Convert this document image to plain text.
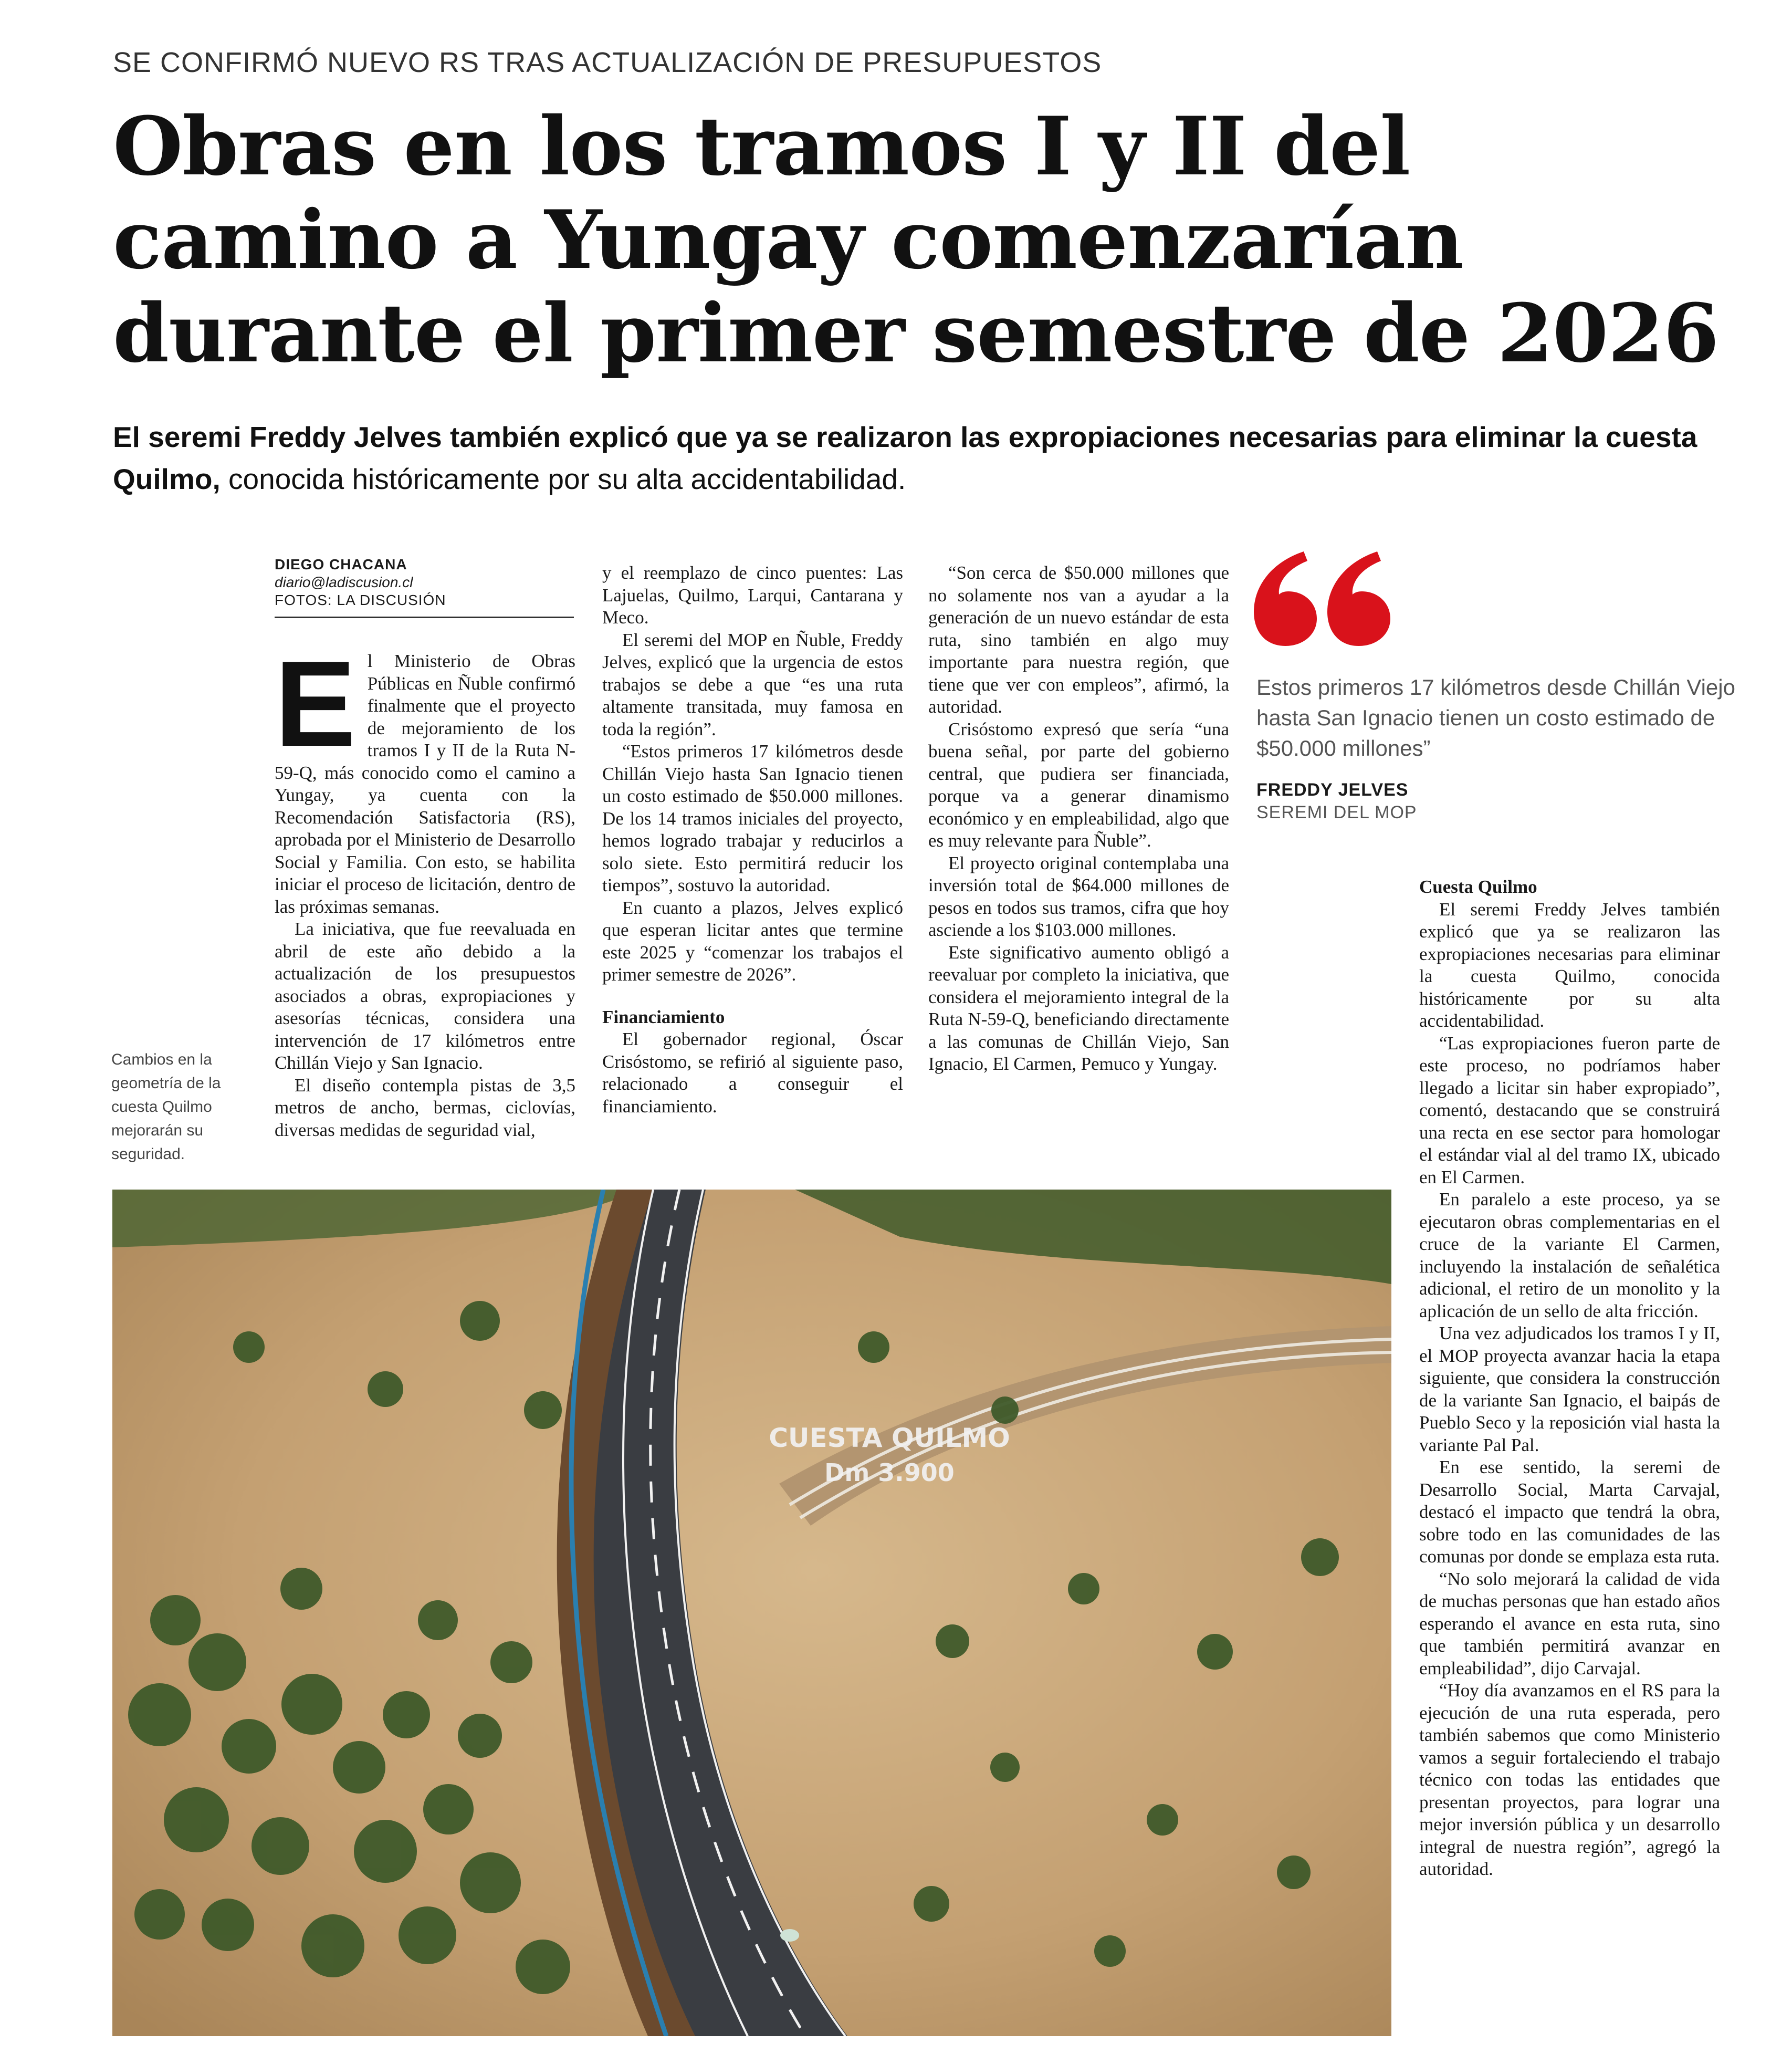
SE CONFIRMÓ NUEVO RS TRAS ACTUALIZACIÓN DE PRESUPUESTOS
Obras en los tramos I y II del
camino a Yungay comenzarían
durante el primer semestre de 2026

El seremi Freddy Jelves también explicó que ya se realizaron las expropiaciones necesarias para eliminar la cuesta Quilmo, conocida históricamente por su alta accidentabilidad.

DIEGO CHACANA
diario@ladiscusion.cl
FOTOS: LA DISCUSIÓN
E l Ministerio de Obras Públicas en Ñuble confirmó finalmente que el proyecto de mejoramiento de los tramos I y II de la Ruta N-59-Q, más conocido como el camino a Yungay, ya cuenta con la Recomendación Satisfactoria (RS), aprobada por el Ministerio de Desarrollo Social y Familia. Con esto, se habilita iniciar el proceso de licitación, dentro de las próximas semanas.

La iniciativa, que fue reevaluada en abril de este año debido a la actualización de los presupuestos asociados a obras, expropiaciones y asesorías técnicas, considera una intervención de 17 kilómetros entre Chillán Viejo y San Ignacio.

El diseño contempla pistas de 3,5 metros de ancho, bermas, ciclovías, diversas medidas de seguridad vial,

y el reemplazo de cinco puentes: Las Lajuelas, Quilmo, Larqui, Cantarana y Meco.

El seremi del MOP en Ñuble, Freddy Jelves, explicó que la urgencia de estos trabajos se debe a que “es una ruta altamente transitada, muy famosa en toda la región”.

“Estos primeros 17 kilómetros desde Chillán Viejo hasta San Ignacio tienen un costo estimado de $50.000 millones. De los 14 tramos iniciales del proyecto, hemos logrado trabajar y reducirlos a solo siete. Esto permitirá reducir los tiempos”, sostuvo la autoridad.

En cuanto a plazos, Jelves explicó que esperan licitar antes que termine este 2025 y “comenzar los trabajos el primer semestre de 2026”.

Financiamiento

El gobernador regional, Óscar Crisóstomo, se refirió al siguiente paso, relacionado a conseguir el financiamiento.

“Son cerca de $50.000 millones que no solamente nos van a ayudar a la generación de un nuevo estándar de esta ruta, sino también en algo muy importante para nuestra región, que tiene que ver con empleos”, afirmó, la autoridad.

Crisóstomo expresó que sería “una buena señal, por parte del gobierno central, que pudiera ser financiada, porque va a generar dinamismo económico y en empleabilidad, algo que es muy relevante para Ñuble”.

El proyecto original contemplaba una inversión total de $64.000 millones de pesos en todos sus tramos, cifra que hoy asciende a los $103.000 millones.

Este significativo aumento obligó a reevaluar por completo la iniciativa, que considera el mejoramiento integral de la Ruta N-59-Q, beneficiando directamente a las comunas de Chillán Viejo, San Ignacio, El Carmen, Pemuco y Yungay.

Cuesta Quilmo

El seremi Freddy Jelves también explicó que ya se realizaron las expropiaciones necesarias para eliminar la cuesta Quilmo, conocida históricamente por su alta accidentabilidad.

“Las expropiaciones fueron parte de este proceso, no podríamos haber llegado a licitar sin haber expropiado”, comentó, destacando que se construirá una recta en ese sector para homologar el estándar vial al del tramo IX, ubicado en El Carmen.

En paralelo a este proceso, ya se ejecutaron obras complementarias en el cruce de la variante El Carmen, incluyendo la instalación de señalética adicional, el retiro de un monolito y la aplicación de un sello de alta fricción.

Una vez adjudicados los tramos I y II, el MOP proyecta avanzar hacia la etapa siguiente, que considera la construcción de la variante San Ignacio, el baipás de Pueblo Seco y la reposición vial hasta la variante Pal Pal.

En ese sentido, la seremi de Desarrollo Social, Marta Carvajal, destacó el impacto que tendrá la obra, sobre todo en las comunidades de las comunas por donde se emplaza esta ruta.

“No solo mejorará la calidad de vida de muchas personas que han estado años esperando el avance en esta ruta, sino que también permitirá avanzar en empleabilidad”, dijo Carvajal.

“Hoy día avanzamos en el RS para la ejecución de una ruta esperada, pero también sabemos que como Ministerio vamos a seguir fortaleciendo el trabajo técnico con todas las entidades que presentan proyectos, para lograr una mejor inversión pública y un desarrollo integral de nuestra región”, agregó la autoridad.

Cambios en la geometría de la cuesta Quilmo mejorarán su seguridad.

Estos primeros 17 kilómetros desde Chillán Viejo hasta San Ignacio tienen un costo estimado de $50.000 millones”

FREDDY JELVES
SEREMI DEL MOP
CUESTA QUILMO
Dm 3.900
